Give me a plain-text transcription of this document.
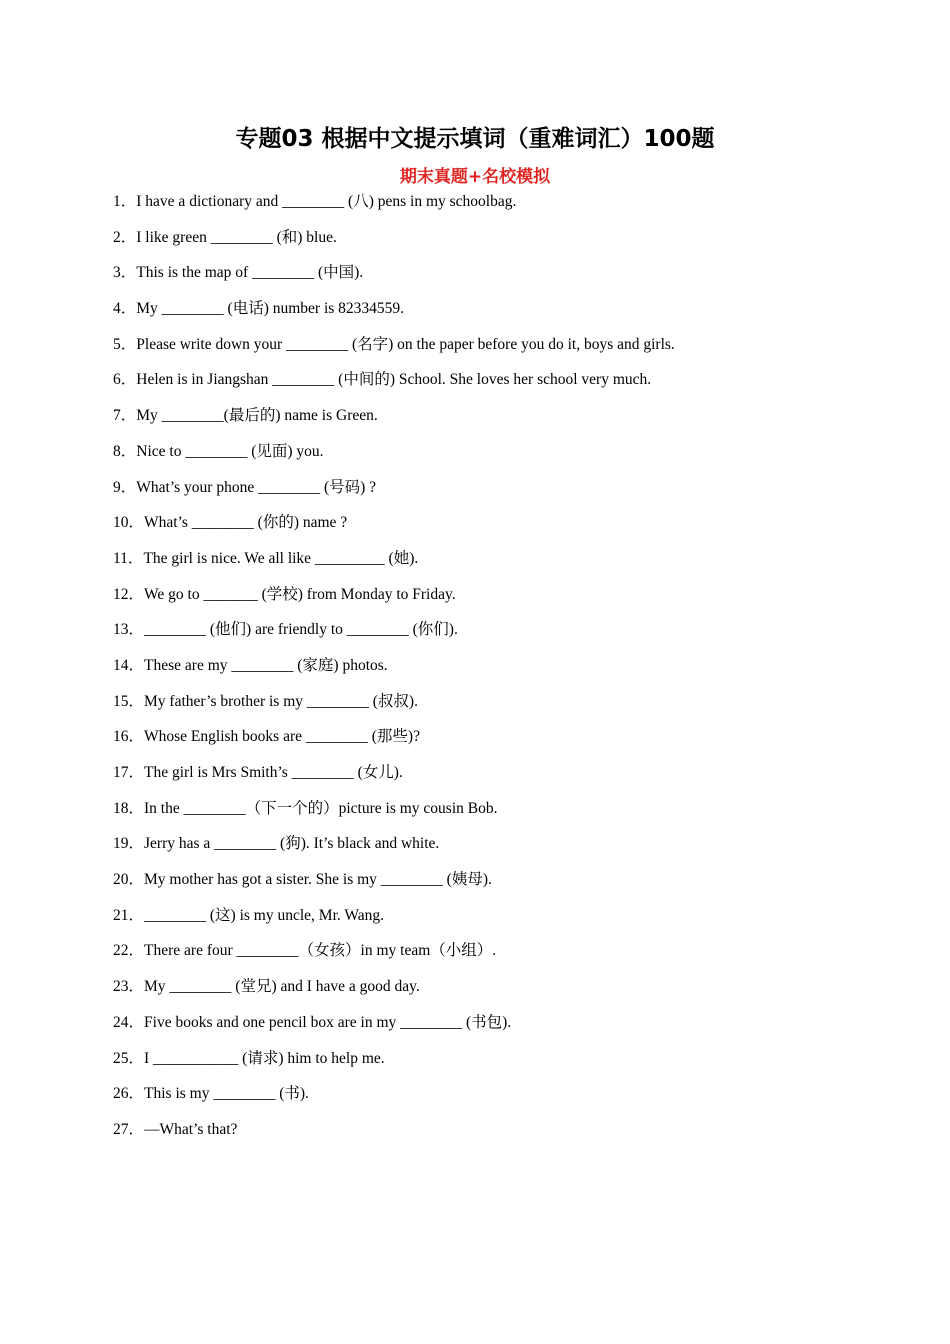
专题03 根据中文提示填词（重难词汇）100题
期末真题+名校模拟
1．I have a dictionary and ________ (八) pens in my schoolbag.
2．I like green ________ (和) blue.
3．This is the map of ________ (中国).
4．My ________ (电话) number is 82334559.
5．Please write down your ________ (名字) on the paper before you do it, boys and girls.
6．Helen is in Jiangshan ________ (中间的) School. She loves her school very much.
7．My ________(最后的) name is Green.
8．Nice to ________ (见面) you.
9．What’s your phone ________ (号码) ?
10．What’s ________ (你的) name ?
11．The girl is nice. We all like _________ (她).
12．We go to _______ (学校) from Monday to Friday.
13．________ (他们) are friendly to ________ (你们).
14．These are my ________ (家庭) photos.
15．My father’s brother is my ________ (叔叔).
16．Whose English books are ________ (那些)?
17．The girl is Mrs Smith’s ________ (女儿).
18．In the ________（下一个的）picture is my cousin Bob.
19．Jerry has a ________ (狗). It’s black and white.
20．My mother has got a sister. She is my ________ (姨母).
21．________ (这) is my uncle, Mr. Wang.
22．There are four ________（女孩）in my team（小组）.
23．My ________ (堂兄) and I have a good day.
24．Five books and one pencil box are in my ________ (书包).
25．I ___________ (请求) him to help me.
26．This is my ________ (书).
27．—What’s that?
